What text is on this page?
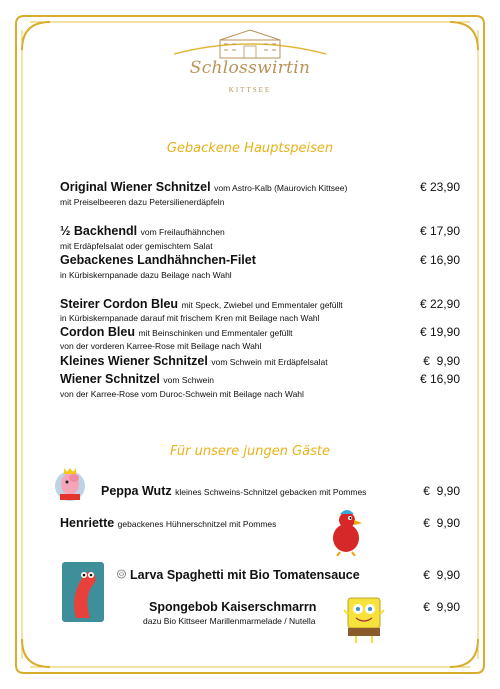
Schlosswirtin
KITTSEE
Gebackene Hauptspeisen
Für unsere jungen Gäste
Original Wiener Schnitzel vom Astro-Kalb (Maurovich Kittsee)
mit Preiselbeeren dazu Petersilienerdäpfeln
€ 23,90
½ Backhendl vom Freilaufhähnchen
mit Erdäpfelsalat oder gemischtem Salat
€ 17,90
Gebackenes Landhähnchen-Filet
in Kürbiskernpanade dazu Beilage nach Wahl
€ 16,90
Steirer Cordon Bleu mit Speck, Zwiebel und Emmentaler gefüllt
in Kürbiskernpanade darauf mit frischem Kren mit Beilage nach Wahl
€ 22,90
Cordon Bleu mit Beinschinken und Emmentaler gefüllt
von der vorderen Karree-Rose mit Beilage nach Wahl
€ 19,90
Kleines Wiener Schnitzel vom Schwein mit Erdäpfelsalat	€  9,90
Wiener Schnitzel vom Schwein
von der Karree-Rose vom Duroc-Schwein mit Beilage nach Wahl
€ 16,90
Peppa Wutz kleines Schweins-Schnitzel gebacken mit Pommes	€  9,90
Henriette gebackenes Hühnerschnitzel mit Pommes	€  9,90
Larva Spaghetti mit Bio Tomatensauce	€  9,90
Spongebob Kaiserschmarrn
dazu Bio Kittseer Marillenmarmelade / Nutella
€  9,90
